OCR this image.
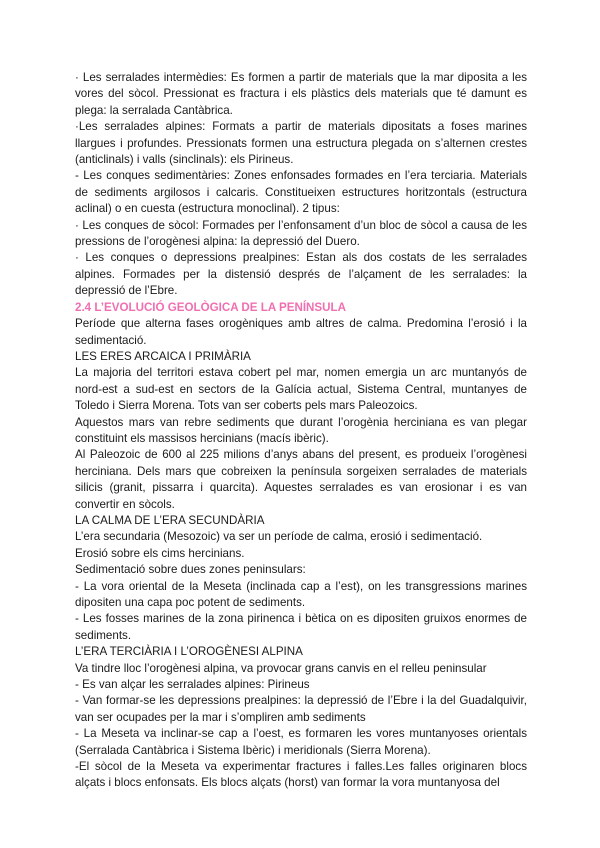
· Les serralades intermèdies: Es formen a partir de materials que la mar diposita a les vores del sòcol. Pressionat es fractura i els plàstics dels materials que té damunt es plega: la serralada Cantàbrica.

·Les serralades alpines: Formats a partir de materials dipositats a foses marines llargues i profundes. Pressionats formen una estructura plegada on s’alternen crestes (anticlinals) i valls (sinclinals): els Pirineus.

- Les conques sedimentàries: Zones enfonsades formades en l’era terciaria. Materials de sediments argilosos i calcaris. Constitueixen estructures horitzontals (estructura aclinal) o en cuesta (estructura monoclinal). 2 tipus:

· Les conques de sòcol: Formades per l’enfonsament d’un bloc de sòcol a causa de les pressions de l’orogènesi alpina: la depressió del Duero.

· Les conques o depressions prealpines: Estan als dos costats de les serralades alpines. Formades per la distensió després de l’alçament de les serralades: la depressió de l’Ebre.

2.4 L’EVOLUCIÓ GEOLÒGICA DE LA PENÍNSULA

Període que alterna fases orogèniques amb altres de calma. Predomina l’erosió i la sedimentació.

LES ERES ARCAICA I PRIMÀRIA

La majoria del territori estava cobert pel mar, nomen emergia un arc muntanyós de nord-est a sud-est en sectors de la Galícia actual, Sistema Central, muntanyes de Toledo i Sierra Morena. Tots van ser coberts pels mars Paleozoics.

Aquestos mars van rebre sediments que durant l’orogènia herciniana es van plegar constituint els massisos hercinians (macís ibèric).

Al Paleozoic de 600 al 225 milions d’anys abans del present, es produeix l’orogènesi herciniana. Dels mars que cobreixen la península sorgeixen serralades de materials silicis (granit, pissarra i quarcita). Aquestes serralades es van erosionar i es van convertir en sòcols.

LA CALMA DE L’ERA SECUNDÀRIA

L’era secundaria (Mesozoic) va ser un període de calma, erosió i sedimentació.

Erosió sobre els cims hercinians.

Sedimentació sobre dues zones peninsulars:

- La vora oriental de la Meseta (inclinada cap a l’est), on les transgressions marines dipositen una capa poc potent de sediments.

- Les fosses marines de la zona pirinenca i bètica on es dipositen gruixos enormes de sediments.

L’ERA TERCIÀRIA I L’OROGÈNESI ALPINA

Va tindre lloc l’orogènesi alpina, va provocar grans canvis en el relleu peninsular

- Es van alçar les serralades alpines: Pirineus

- Van formar-se les depressions prealpines: la depressió de l’Ebre i la del Guadalquivir, van ser ocupades per la mar i s’ompliren amb sediments

- La Meseta va inclinar-se cap a l’oest, es formaren les vores muntanyoses orientals (Serralada Cantàbrica i Sistema Ibèric) i meridionals (Sierra Morena).

-El sòcol de la Meseta va experimentar fractures i falles.Les falles originaren blocs alçats i blocs enfonsats. Els blocs alçats (horst) van formar la vora muntanyosa del
